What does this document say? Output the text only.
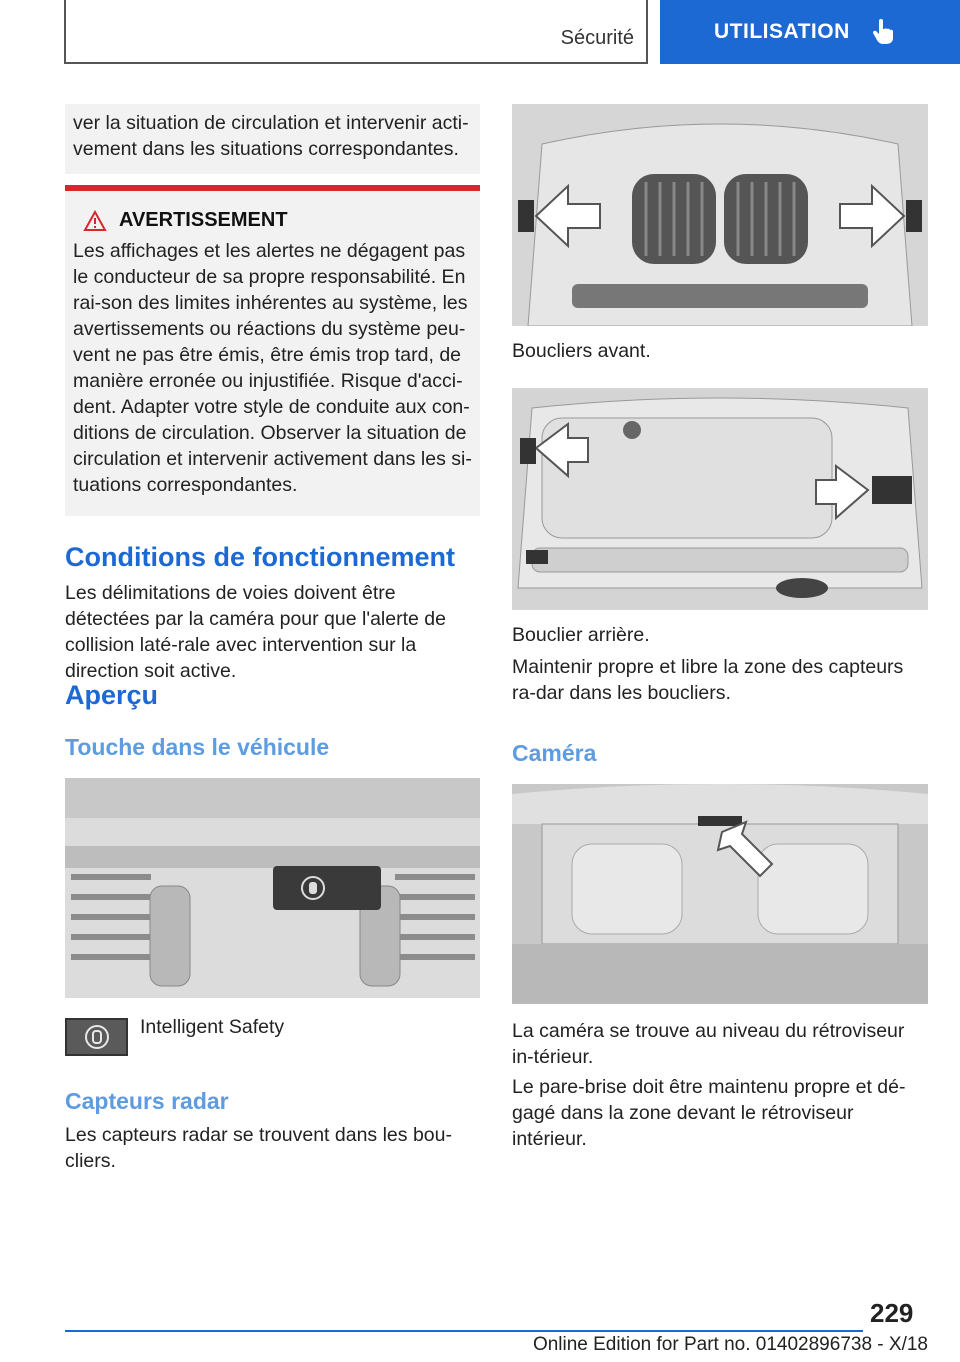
Sécurité	UTILISATION
ver la situation de circulation et intervenir acti-vement dans les situations correspondantes.
AVERTISSEMENT
Les affichages et les alertes ne dégagent pas le conducteur de sa propre responsabilité. En rai-son des limites inhérentes au système, les avertissements ou réactions du système peu-vent ne pas être émis, être émis trop tard, de manière erronée ou injustifiée. Risque d'acci-dent. Adapter votre style de conduite aux con-ditions de circulation. Observer la situation de circulation et intervenir activement dans les si-tuations correspondantes.
Conditions de fonctionnement
Les délimitations de voies doivent être détectées par la caméra pour que l'alerte de collision laté-rale avec intervention sur la direction soit active.
Aperçu
Touche dans le véhicule
Intelligent Safety
Capteurs radar
Les capteurs radar se trouvent dans les bou-cliers.
Boucliers avant.
Bouclier arrière.
Maintenir propre et libre la zone des capteurs ra-dar dans les boucliers.
Caméra
La caméra se trouve au niveau du rétroviseur in-térieur.
Le pare-brise doit être maintenu propre et dé-gagé dans la zone devant le rétroviseur intérieur.
229
Online Edition for Part no. 01402896738 - X/18
